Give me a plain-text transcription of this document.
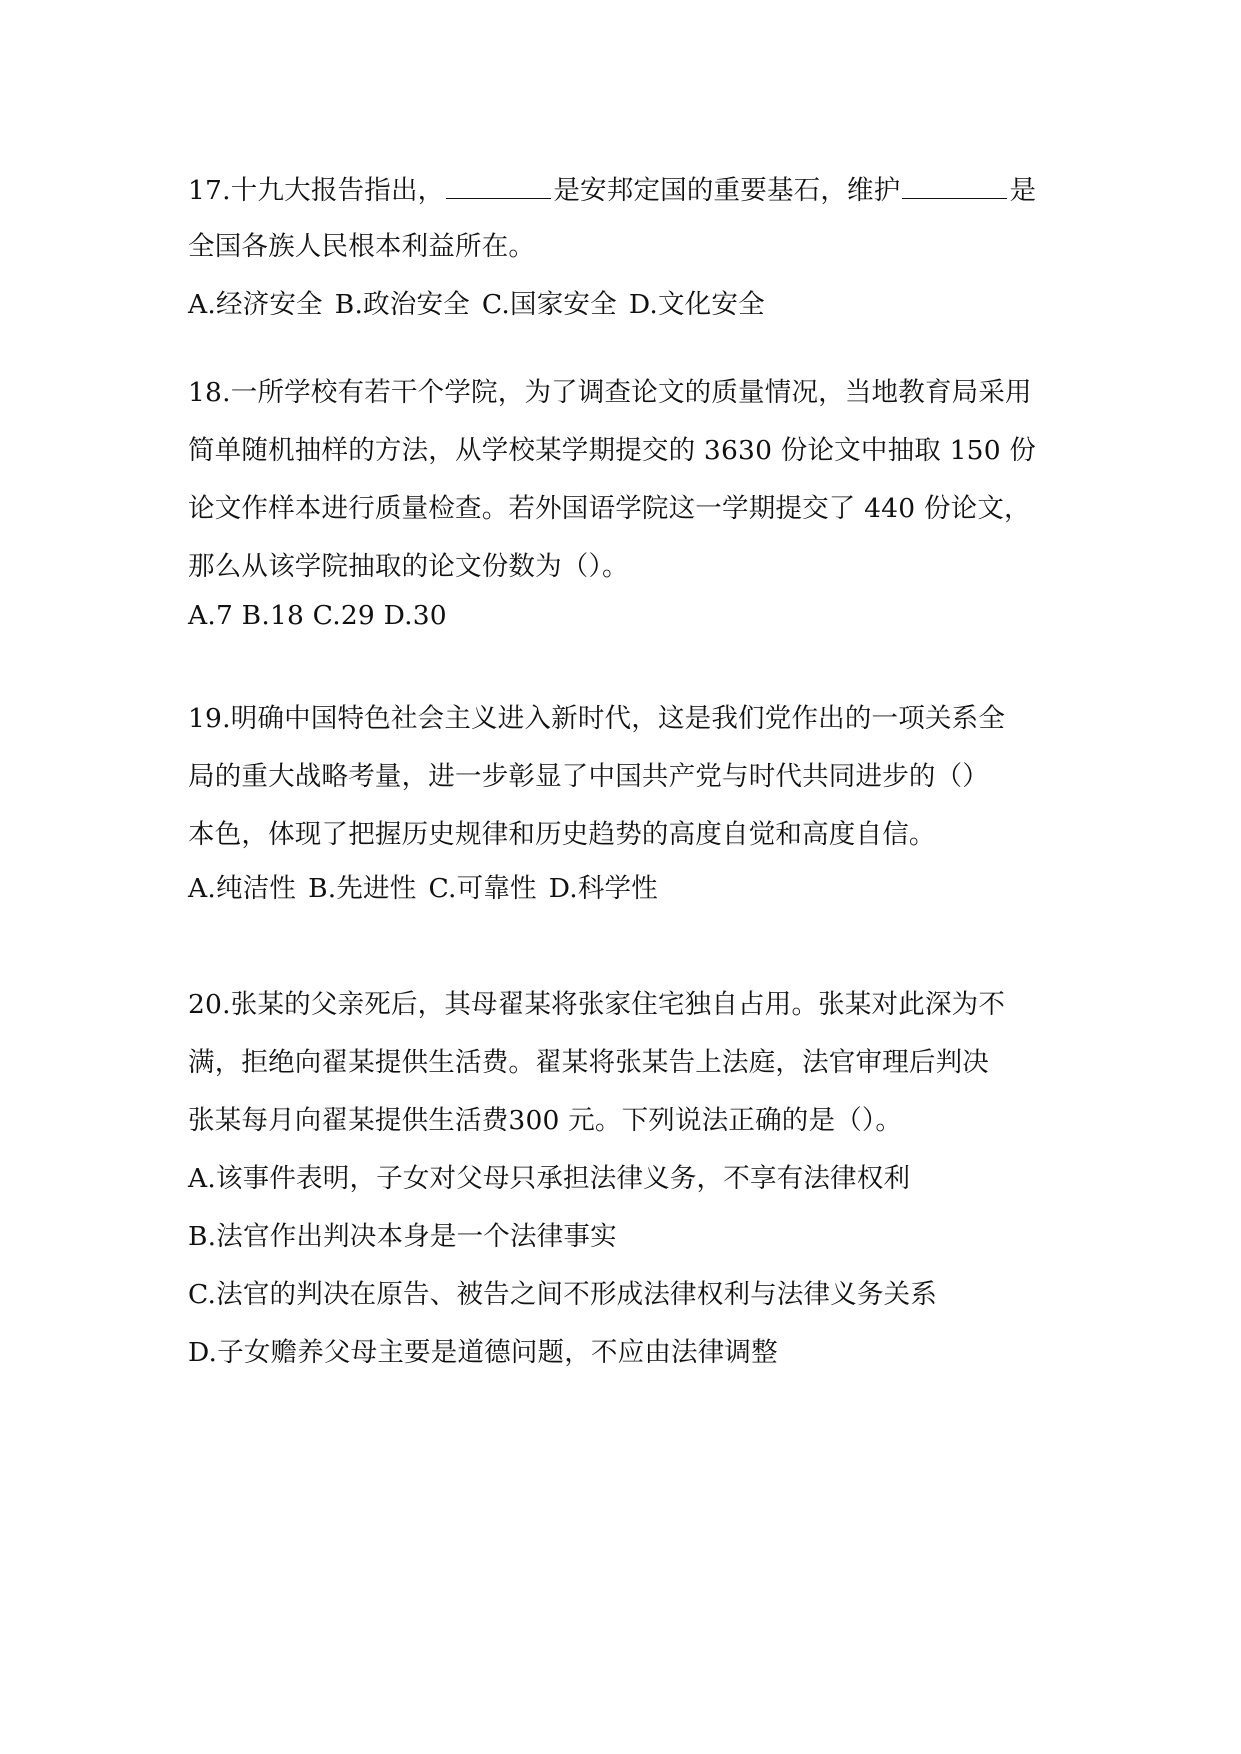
17.十九大报告指出，	是安邦定国的重要基石，维护	是
全国各族人民根本利益所在。
A.经济安全 B.政治安全 C.国家安全 D.文化安全
18.一所学校有若干个学院，为了调查论文的质量情况，当地教育局采用
简单随机抽样的方法，从学校某学期提交的 3630 份论文中抽取 150 份
论文作样本进行质量检查。若外国语学院这一学期提交了 440 份论文，
那么从该学院抽取的论文份数为（）。
A.7 B.18 C.29 D.30
19.明确中国特色社会主义进入新时代，这是我们党作出的一项关系全
局的重大战略考量，进一步彰显了中国共产党与时代共同进步的（）
本色，体现了把握历史规律和历史趋势的高度自觉和高度自信。
A.纯洁性 B.先进性 C.可靠性 D.科学性
20.张某的父亲死后，其母翟某将张家住宅独自占用。张某对此深为不
满，拒绝向翟某提供生活费。翟某将张某告上法庭，法官审理后判决
张某每月向翟某提供生活费300 元。下列说法正确的是（）。
A.该事件表明，子女对父母只承担法律义务，不享有法律权利
B.法官作出判决本身是一个法律事实
C.法官的判决在原告、被告之间不形成法律权利与法律义务关系
D.子女赡养父母主要是道德问题，不应由法律调整
